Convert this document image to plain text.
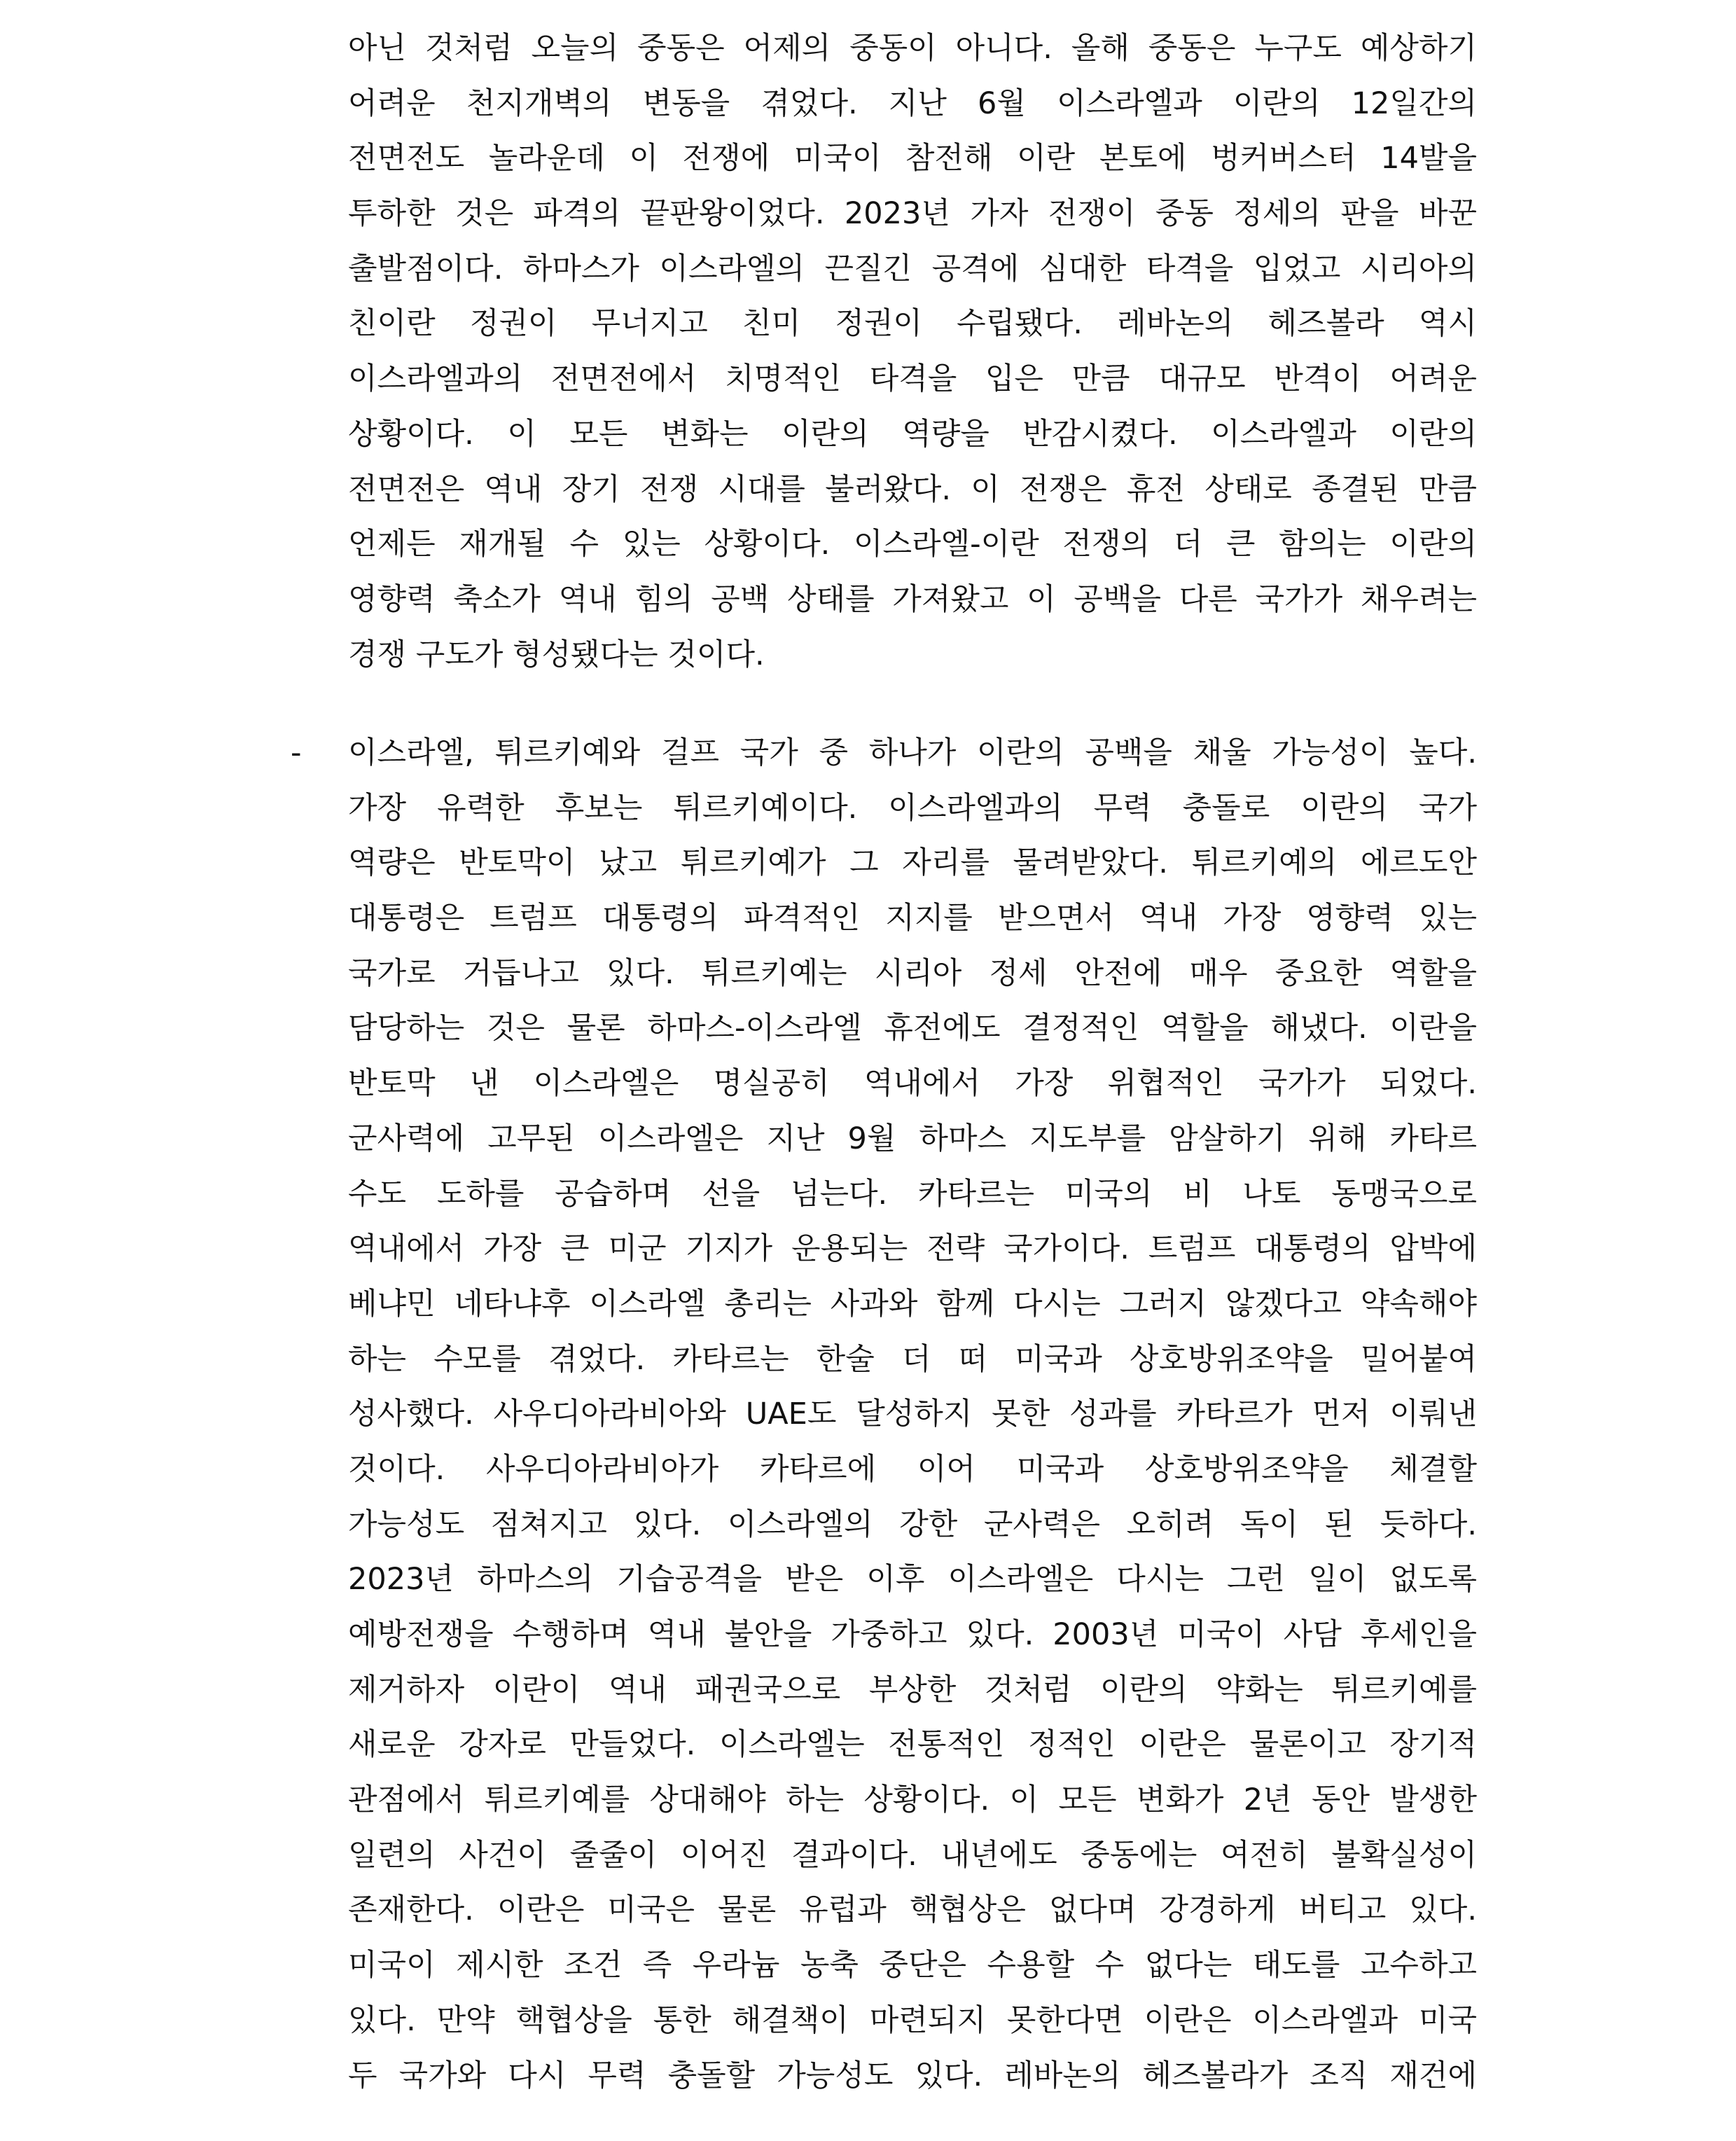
아닌 것처럼 오늘의 중동은 어제의 중동이 아니다. 올해 중동은 누구도 예상하기
어려운 천지개벽의 변동을 겪었다. 지난 6월 이스라엘과 이란의 12일간의
전면전도 놀라운데 이 전쟁에 미국이 참전해 이란 본토에 벙커버스터 14발을
투하한 것은 파격의 끝판왕이었다. 2023년 가자 전쟁이 중동 정세의 판을 바꾼
출발점이다. 하마스가 이스라엘의 끈질긴 공격에 심대한 타격을 입었고 시리아의
친이란 정권이 무너지고 친미 정권이 수립됐다. 레바논의 헤즈볼라 역시
이스라엘과의 전면전에서 치명적인 타격을 입은 만큼 대규모 반격이 어려운
상황이다. 이 모든 변화는 이란의 역량을 반감시켰다. 이스라엘과 이란의
전면전은 역내 장기 전쟁 시대를 불러왔다. 이 전쟁은 휴전 상태로 종결된 만큼
언제든 재개될 수 있는 상황이다. 이스라엘-이란 전쟁의 더 큰 함의는 이란의
영향력 축소가 역내 힘의 공백 상태를 가져왔고 이 공백을 다른 국가가 채우려는
경쟁 구도가 형성됐다는 것이다.
- 이스라엘, 튀르키예와 걸프 국가 중 하나가 이란의 공백을 채울 가능성이 높다.
가장 유력한 후보는 튀르키예이다. 이스라엘과의 무력 충돌로 이란의 국가
역량은 반토막이 났고 튀르키예가 그 자리를 물려받았다. 튀르키예의 에르도안
대통령은 트럼프 대통령의 파격적인 지지를 받으면서 역내 가장 영향력 있는
국가로 거듭나고 있다. 튀르키예는 시리아 정세 안전에 매우 중요한 역할을
담당하는 것은 물론 하마스-이스라엘 휴전에도 결정적인 역할을 해냈다. 이란을
반토막 낸 이스라엘은 명실공히 역내에서 가장 위협적인 국가가 되었다.
군사력에 고무된 이스라엘은 지난 9월 하마스 지도부를 암살하기 위해 카타르
수도 도하를 공습하며 선을 넘는다. 카타르는 미국의 비 나토 동맹국으로
역내에서 가장 큰 미군 기지가 운용되는 전략 국가이다. 트럼프 대통령의 압박에
베냐민 네타냐후 이스라엘 총리는 사과와 함께 다시는 그러지 않겠다고 약속해야
하는 수모를 겪었다. 카타르는 한술 더 떠 미국과 상호방위조약을 밀어붙여
성사했다. 사우디아라비아와 UAE도 달성하지 못한 성과를 카타르가 먼저 이뤄낸
것이다. 사우디아라비아가 카타르에 이어 미국과 상호방위조약을 체결할
가능성도 점쳐지고 있다. 이스라엘의 강한 군사력은 오히려 독이 된 듯하다.
2023년 하마스의 기습공격을 받은 이후 이스라엘은 다시는 그런 일이 없도록
예방전쟁을 수행하며 역내 불안을 가중하고 있다. 2003년 미국이 사담 후세인을
제거하자 이란이 역내 패권국으로 부상한 것처럼 이란의 약화는 튀르키예를
새로운 강자로 만들었다. 이스라엘는 전통적인 정적인 이란은 물론이고 장기적
관점에서 튀르키예를 상대해야 하는 상황이다. 이 모든 변화가 2년 동안 발생한
일련의 사건이 줄줄이 이어진 결과이다. 내년에도 중동에는 여전히 불확실성이
존재한다. 이란은 미국은 물론 유럽과 핵협상은 없다며 강경하게 버티고 있다.
미국이 제시한 조건 즉 우라늄 농축 중단은 수용할 수 없다는 태도를 고수하고
있다. 만약 핵협상을 통한 해결책이 마련되지 못한다면 이란은 이스라엘과 미국
두 국가와 다시 무력 충돌할 가능성도 있다. 레바논의 헤즈볼라가 조직 재건에
